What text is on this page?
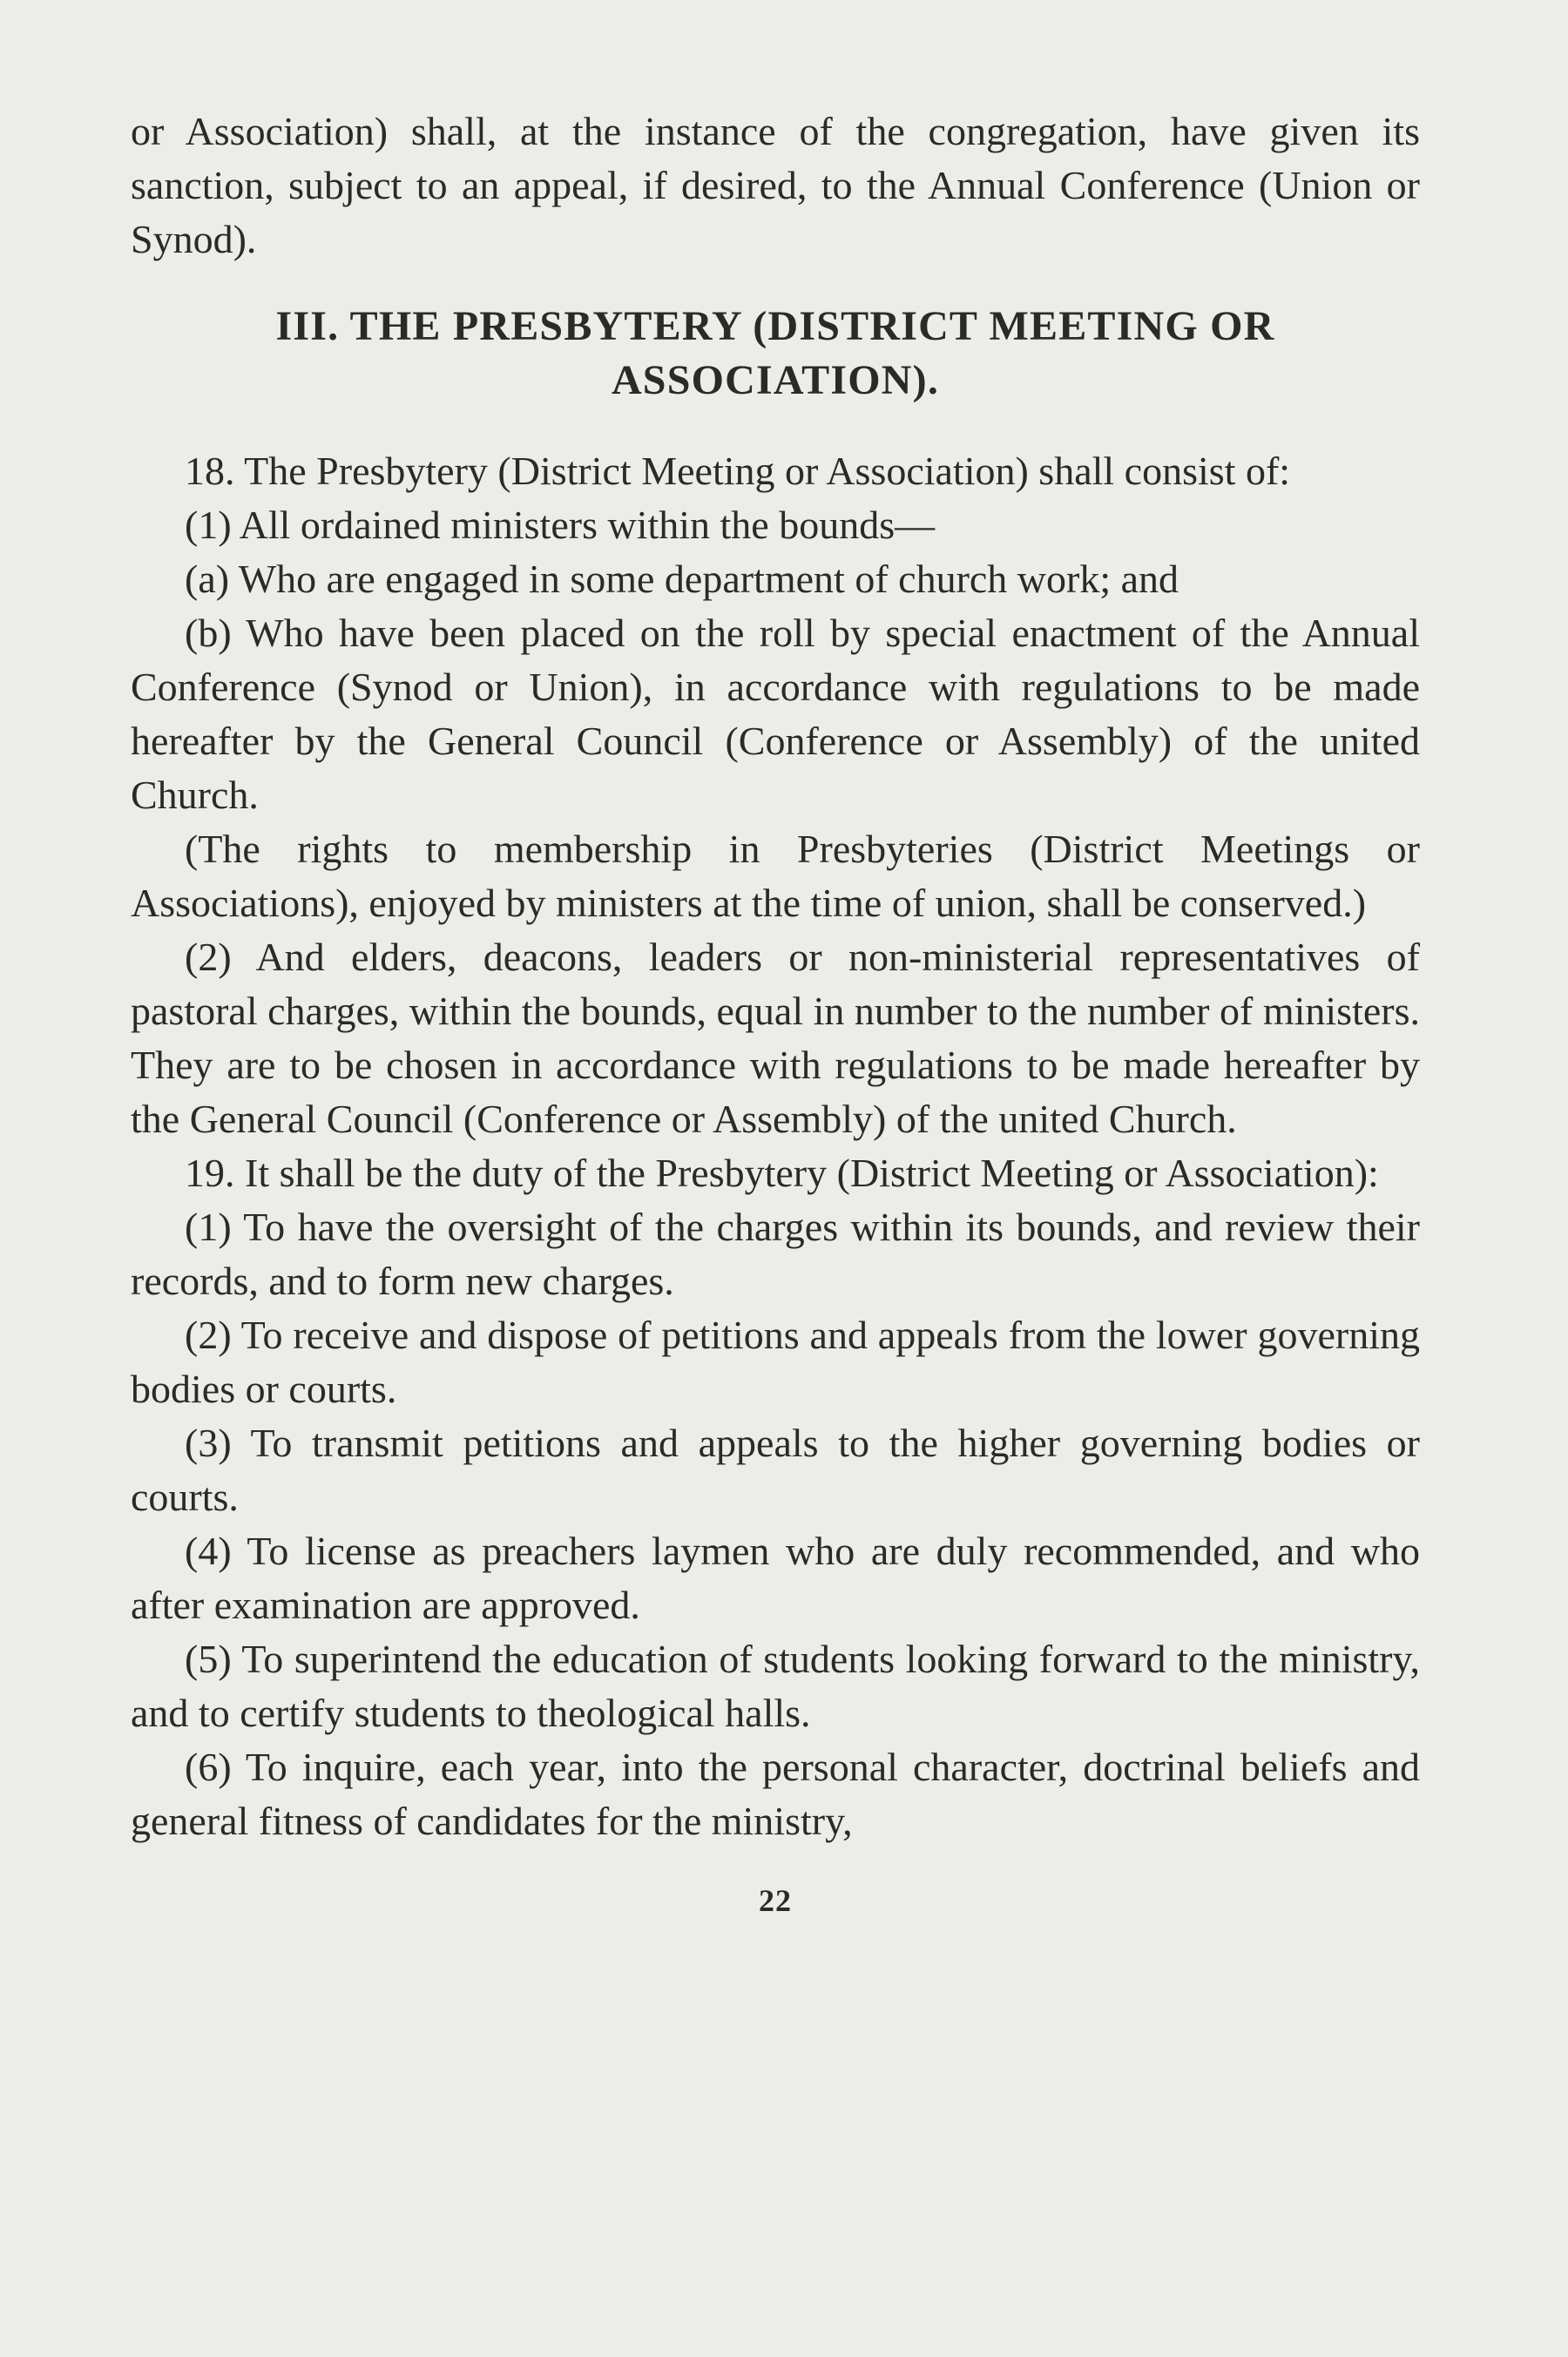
or Association) shall, at the instance of the congregation, have given its sanction, subject to an appeal, if desired, to the Annual Conference (Union or Synod).

III. THE PRESBYTERY (DISTRICT MEETING OR ASSOCIATION).

18. The Presbytery (District Meeting or Association) shall consist of:

(1) All ordained ministers within the bounds—

(a) Who are engaged in some department of church work; and

(b) Who have been placed on the roll by special enactment of the Annual Conference (Synod or Union), in accordance with regulations to be made hereafter by the General Council (Conference or Assembly) of the united Church.

(The rights to membership in Presbyteries (District Meetings or Associations), enjoyed by ministers at the time of union, shall be conserved.)

(2) And elders, deacons, leaders or non-ministerial representatives of pastoral charges, within the bounds, equal in number to the number of ministers. They are to be chosen in accordance with regulations to be made hereafter by the General Council (Conference or Assembly) of the united Church.

19. It shall be the duty of the Presbytery (District Meeting or Association):

(1) To have the oversight of the charges within its bounds, and review their records, and to form new charges.

(2) To receive and dispose of petitions and appeals from the lower governing bodies or courts.

(3) To transmit petitions and appeals to the higher governing bodies or courts.

(4) To license as preachers laymen who are duly recommended, and who after examination are approved.

(5) To superintend the education of students looking forward to the ministry, and to certify students to theological halls.

(6) To inquire, each year, into the personal character, doctrinal beliefs and general fitness of candidates for the ministry,

22
